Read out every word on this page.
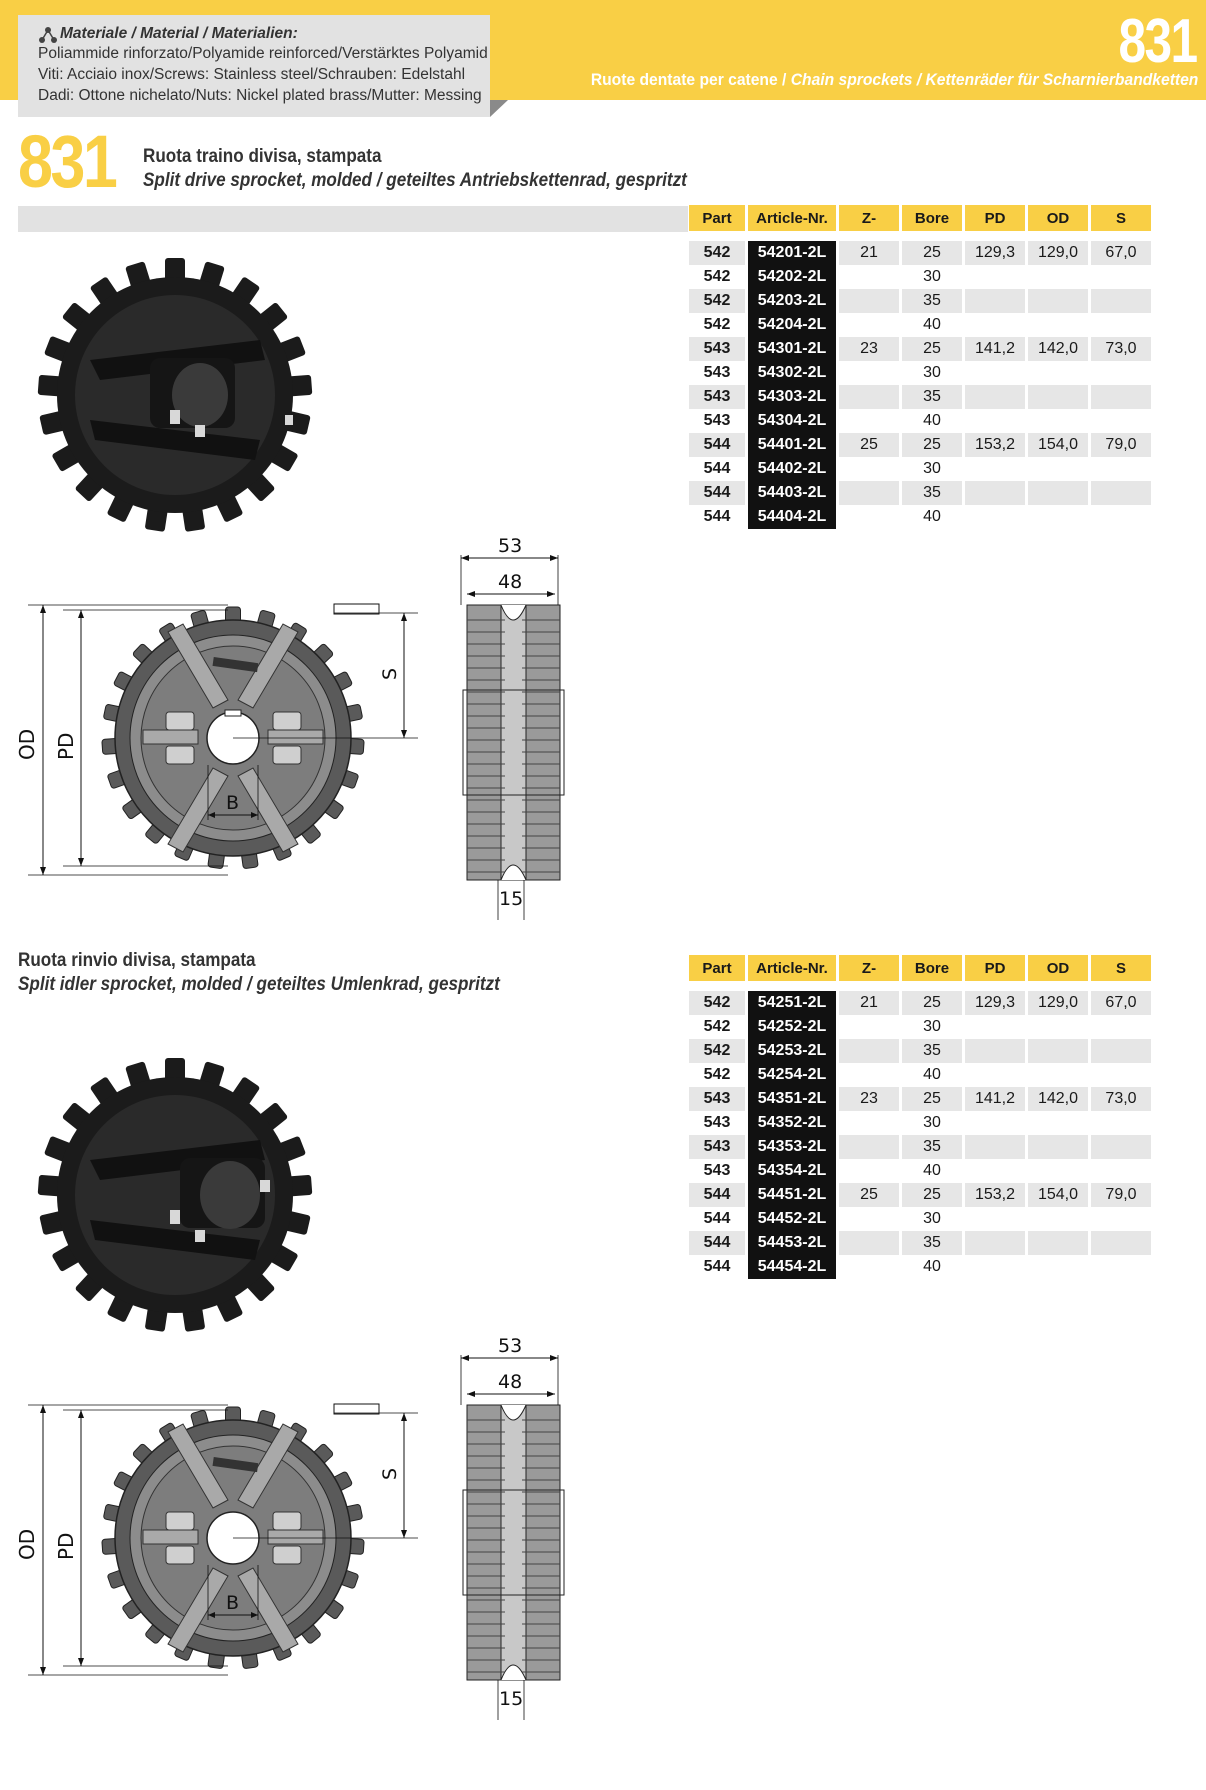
Materiale / Material / Materialien:
Poliammide rinforzato/Polyamide reinforced/Verstärktes Polyamid
Viti: Acciaio inox/Screws: Stainless steel/Schrauben: Edelstahl
Dadi: Ottone nichelato/Nuts: Nickel plated brass/Mutter: Messing
831
Ruote dentate per catene / Chain sprockets / Kettenräder für Scharnierbandketten
831 Ruota traino divisa, stampata
Split drive sprocket, molded / geteiltes Antriebskettenrad, gespritzt
Part	Article-Nr.	Z-	Bore	PD	OD	S

542	54201-2L	21	25	129,3	129,0	67,0
542	54202-2L		30			
542	54203-2L		35			
542	54204-2L		40			
543	54301-2L	23	25	141,2	142,0	73,0
543	54302-2L		30			
543	54303-2L		35			
543	54304-2L		40			
544	54401-2L	25	25	153,2	154,0	79,0
544	54402-2L		30			
544	54403-2L		35			
544	54404-2L		40			
Ruota rinvio divisa, stampata
Split idler sprocket, molded / geteiltes Umlenkrad, gespritzt
Part	Article-Nr.	Z-	Bore	PD	OD	S

542	54251-2L	21	25	129,3	129,0	67,0
542	54252-2L		30			
542	54253-2L		35			
542	54254-2L		40			
543	54351-2L	23	25	141,2	142,0	73,0
543	54352-2L		30			
543	54353-2L		35			
543	54354-2L		40			
544	54451-2L	25	25	153,2	154,0	79,0
544	54452-2L		30			
544	54453-2L		35			
544	54454-2L		40			
B
OD PD
S
53
48
15
B
OD PD
S
53
48
15
